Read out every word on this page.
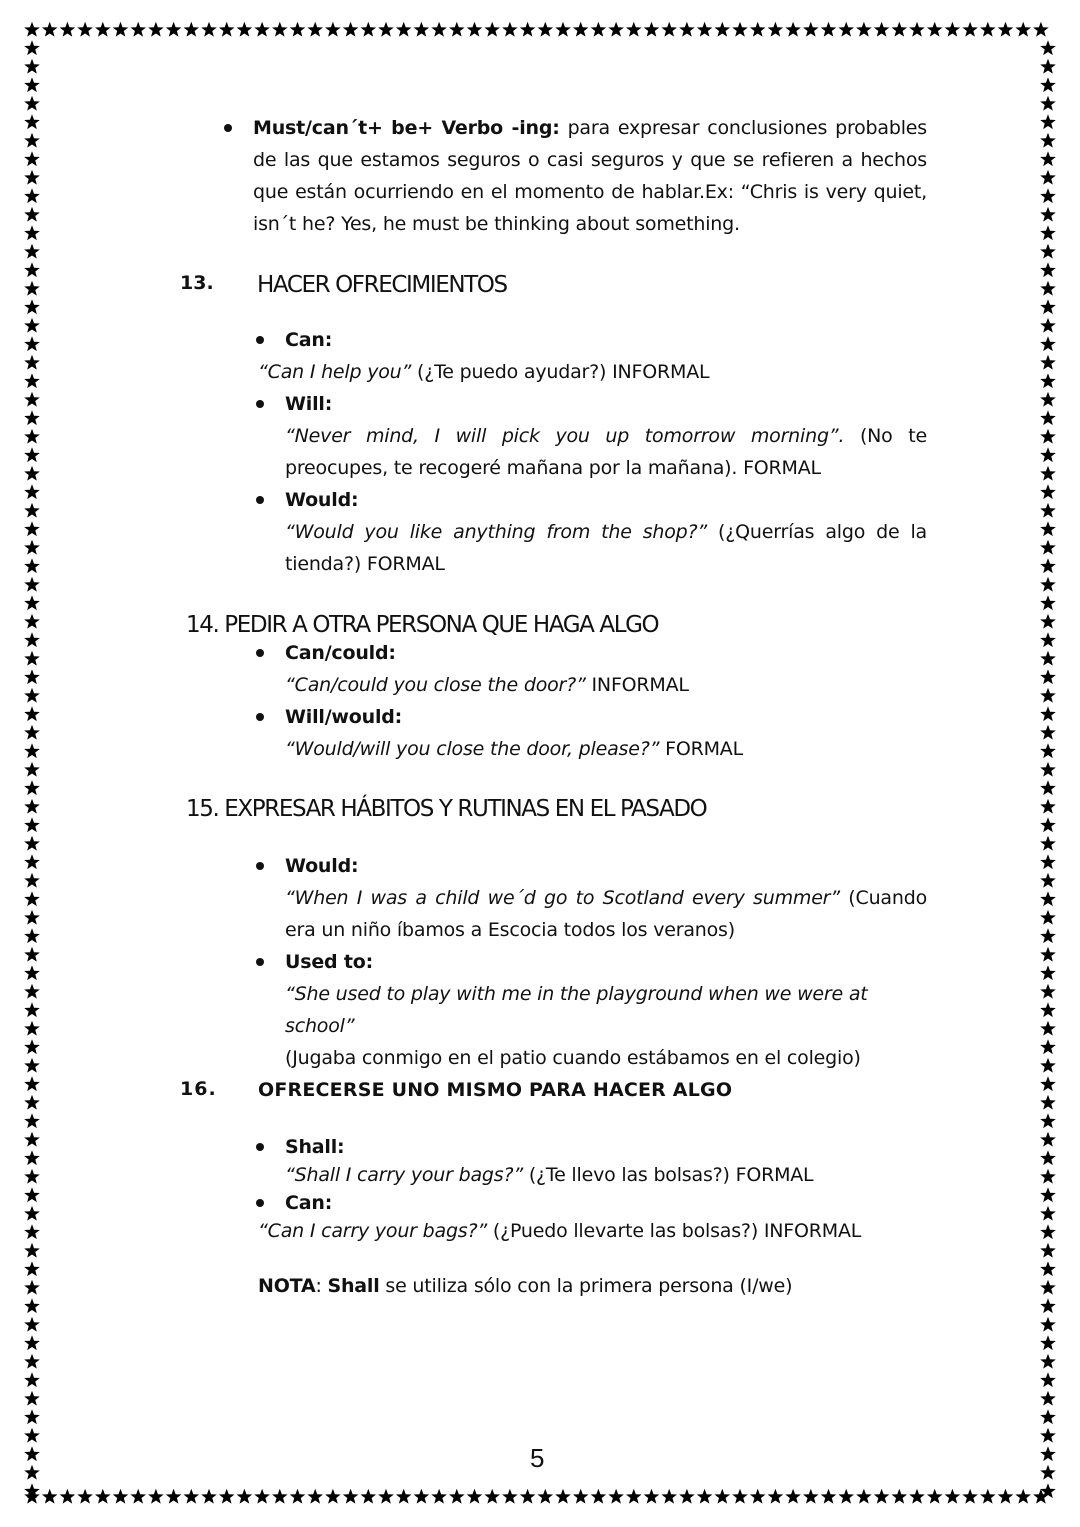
Must/can´t+ be+ Verbo -ing: para expresar conclusiones probables de las que estamos seguros o casi seguros y que se refieren a hechos que están ocurriendo en el momento de hablar.Ex: “Chris is very quiet, isn´t he? Yes, he must be thinking about something.

13. HACER OFRECIMIENTOS
Can:

“Can I help you” (¿Te puedo ayudar?) INFORMAL

Will:

“Never mind, I will pick you up tomorrow morning”. (No te preocupes, te recogeré mañana por la mañana). FORMAL

Would:

“Would you like anything from the shop?” (¿Querrías algo de la tienda?) FORMAL

14. PEDIR A OTRA PERSONA QUE HAGA ALGO
Can/could:

“Can/could you close the door?” INFORMAL

Will/would:

“Would/will you close the door, please?” FORMAL

15. EXPRESAR HÁBITOS Y RUTINAS EN EL PASADO
Would:

“When I was a child we´d go to Scotland every summer” (Cuando era un niño íbamos a Escocia todos los veranos)

Used to:

“She used to play with me in the playground when we were at school”
(Jugaba conmigo en el patio cuando estábamos en el colegio)

16. OFRECERSE UNO MISMO PARA HACER ALGO
Shall:

“Shall I carry your bags?” (¿Te llevo las bolsas?) FORMAL

Can:

“Can I carry your bags?” (¿Puedo llevarte las bolsas?) INFORMAL

NOTA: Shall se utiliza sólo con la primera persona (I/we)

5
